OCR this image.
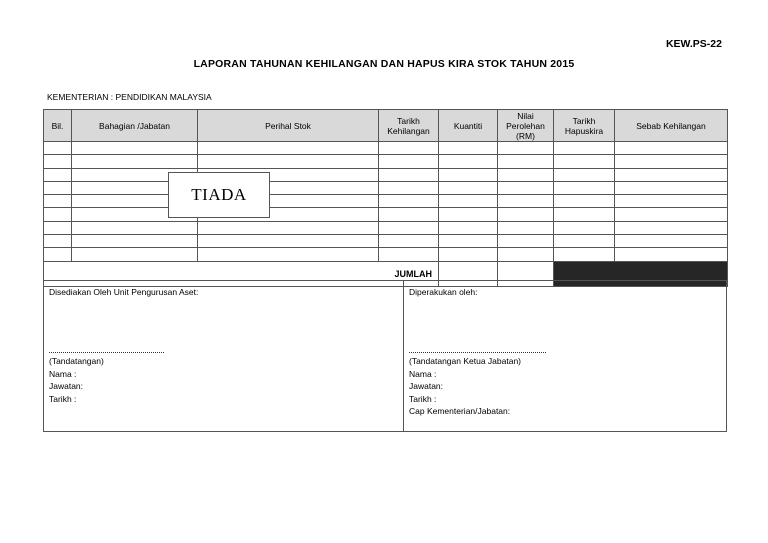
KEW.PS-22
LAPORAN TAHUNAN KEHILANGAN DAN HAPUS KIRA STOK TAHUN 2015
KEMENTERIAN : PENDIDIKAN MALAYSIA
Bil.	Bahagian /Jabatan	Perihal Stok	Tarikh Kehilangan	Kuantiti	Nilai Perolehan (RM)	Tarikh Hapuskira	Sebab Kehilangan

JUMLAH							
TIADA
Disediakan Oleh Unit Pengurusan Aset:
(Tandatangan)
Nama :
Jawatan:
Tarikh :
Diperakukan oleh:
(Tandatangan Ketua Jabatan)
Nama :
Jawatan:
Tarikh :
Cap Kementerian/Jabatan:
